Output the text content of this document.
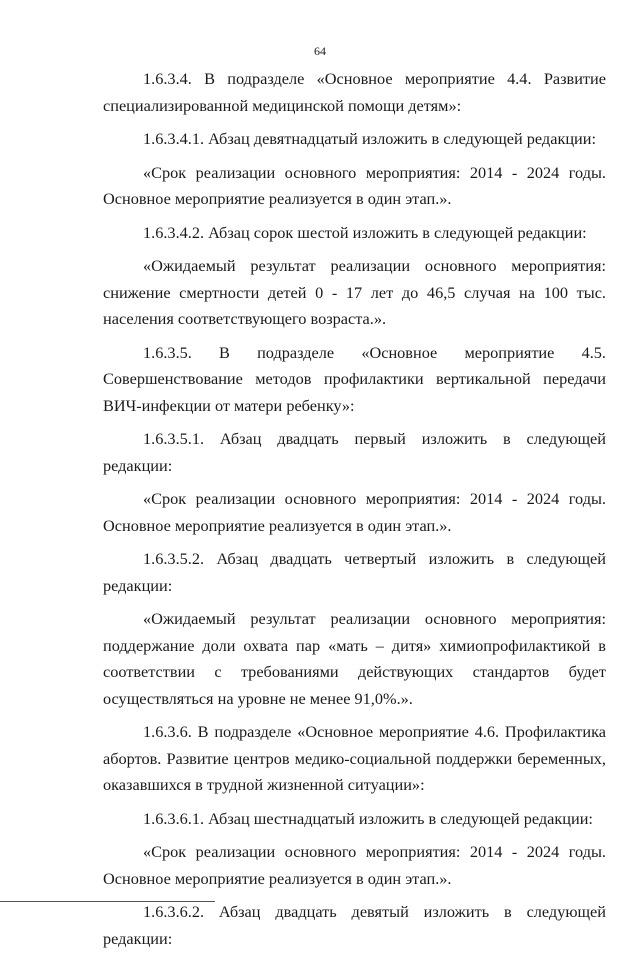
64

1.6.3.4. В подразделе «Основное мероприятие 4.4. Развитие специализированной медицинской помощи детям»:

1.6.3.4.1. Абзац девятнадцатый изложить в следующей редакции:

«Срок реализации основного мероприятия: 2014 - 2024 годы. Основное мероприятие реализуется в один этап.».

1.6.3.4.2. Абзац сорок шестой изложить в следующей редакции:

«Ожидаемый результат реализации основного мероприятия: снижение смертности детей 0 - 17 лет до 46,5 случая на 100 тыс. населения соответствующего возраста.».

1.6.3.5. В подразделе «Основное мероприятие 4.5. Совершенствование методов профилактики вертикальной передачи ВИЧ-инфекции от матери ребенку»:

1.6.3.5.1. Абзац двадцать первый изложить в следующей редакции:

«Срок реализации основного мероприятия: 2014 - 2024 годы. Основное мероприятие реализуется в один этап.».

1.6.3.5.2. Абзац двадцать четвертый изложить в следующей редакции:

«Ожидаемый результат реализации основного мероприятия: поддержание доли охвата пар «мать – дитя» химиопрофилактикой в соответствии с требованиями действующих стандартов будет осуществляться на уровне не менее 91,0%.».

1.6.3.6. В подразделе «Основное мероприятие 4.6. Профилактика абортов. Развитие центров медико-социальной поддержки беременных, оказавшихся в трудной жизненной ситуации»:

1.6.3.6.1. Абзац шестнадцатый изложить в следующей редакции:

«Срок реализации основного мероприятия: 2014 - 2024 годы. Основное мероприятие реализуется в один этап.».

1.6.3.6.2. Абзац двадцать девятый изложить в следующей редакции:
